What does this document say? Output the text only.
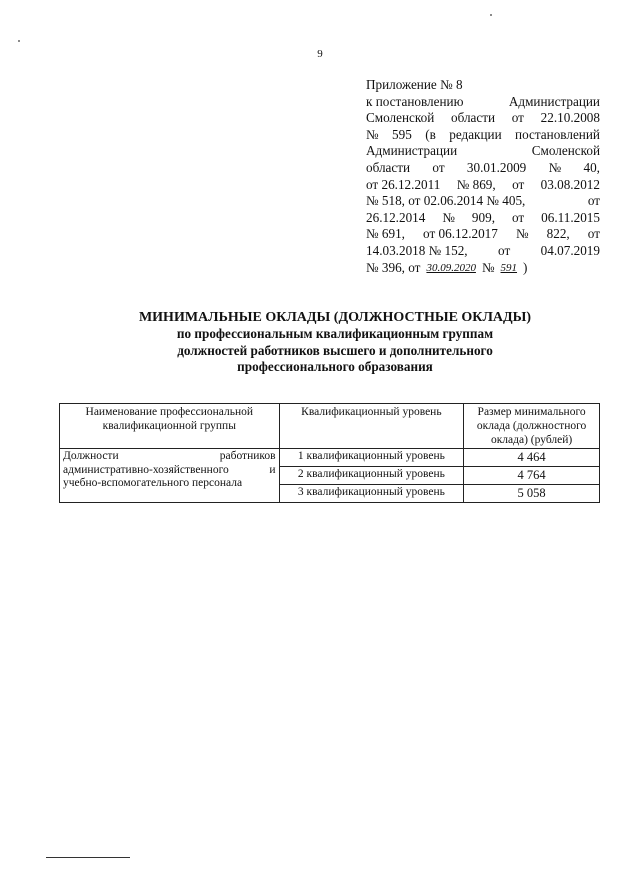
9
Приложение № 8
к постановлению	Администрации
Смоленской области от 22.10.2008
№ 595 (в редакции постановлений
Администрации	Смоленской
области от 30.01.2009 № 40,
от 26.12.2011 № 869, от 03.08.2012
№ 518, от 02.06.2014 № 405,	от
26.12.2014 № 909, от 06.11.2015
№ 691, от 06.12.2017 № 822, от
14.03.2018 № 152, от 04.07.2019
№ 396, от 30.09.2020 № 591 )
МИНИМАЛЬНЫЕ ОКЛАДЫ (ДОЛЖНОСТНЫЕ ОКЛАДЫ)
по профессиональным квалификационным группам
должностей работников высшего и дополнительного
профессионального образования
Наименование профессиональной квалификационной группы	Квалификационный уровень	Размер минимального оклада (должностного оклада) (рублей)

Должности работников
административно-хозяйственного и
учебно-вспомогательного персонала	1 квалификационный уровень	4 464
	2 квалификационный уровень	4 764
	3 квалификационный уровень	5 058
